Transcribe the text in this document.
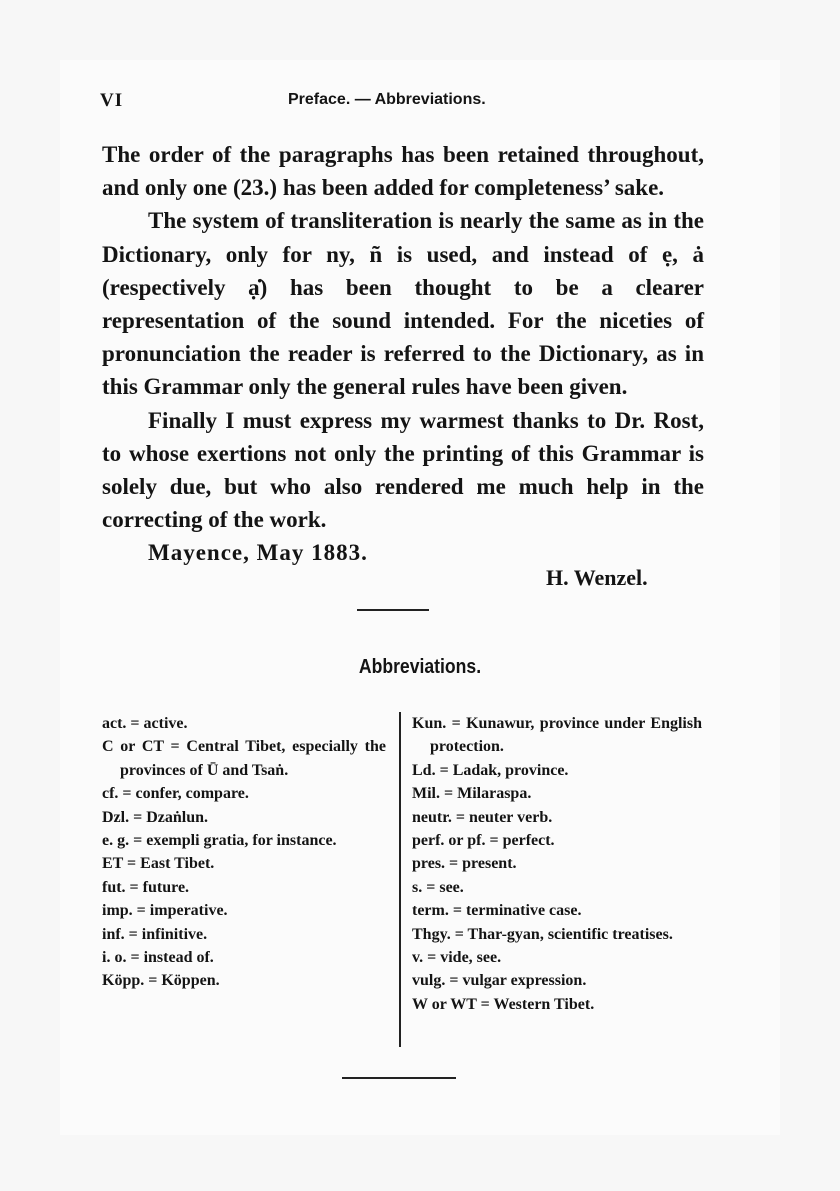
VI	Preface. — Abbreviations.

The order of the paragraphs has been retained throughout, and only one (23.) has been added for completeness’ sake.

The system of transliteration is nearly the same as in the Dictionary, only for ny, ñ is used, and instead of ẹ, ȧ (respectively ạ̇) has been thought to be a clearer representation of the sound intended. For the niceties of pronunciation the reader is referred to the Dictionary, as in this Grammar only the general rules have been given.

Finally I must express my warmest thanks to Dr. Rost, to whose exertions not only the printing of this Grammar is solely due, but who also rendered me much help in the correcting of the work.

Mayence, May 1883.
H. Wenzel.
Abbreviations.
act. = active.
C or CT = Central Tibet, especially the provinces of Ū and Tsaṅ.
cf. = confer, compare.
Dzl. = Dzaṅlun.
e. g. = exempli gratia, for instance.
ET = East Tibet.
fut. = future.
imp. = imperative.
inf. = infinitive.
i. o. = instead of.
Köpp. = Köppen.
Kun. = Kunawur, province under English protection.
Ld. = Ladak, province.
Mil. = Milaraspa.
neutr. = neuter verb.
perf. or pf. = perfect.
pres. = present.
s. = see.
term. = terminative case.
Thgy. = Thar-gyan, scientific treatises.
v. = vide, see.
vulg. = vulgar expression.
W or WT = Western Tibet.
